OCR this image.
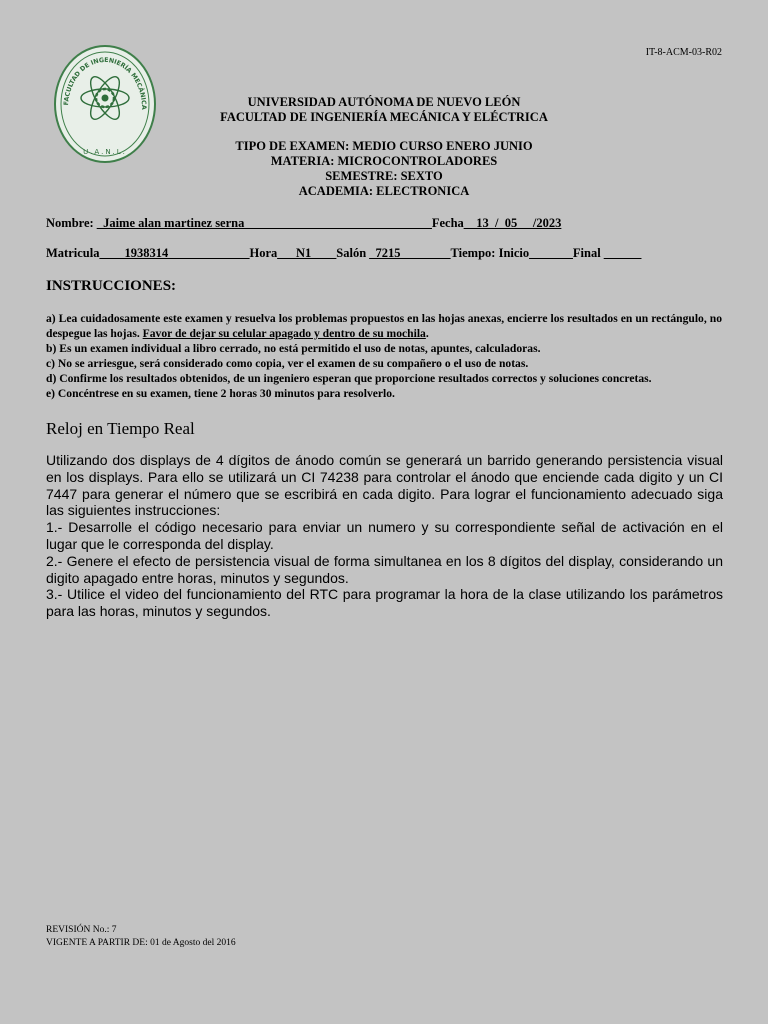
IT-8-ACM-03-R02
FACULTAD DE INGENIERÍA MECÁNICA
U.A.N.L.
UNIVERSIDAD AUTÓNOMA DE NUEVO LEÓN
FACULTAD DE INGENIERÍA MECÁNICA Y ELÉCTRICA
TIPO DE EXAMEN: MEDIO CURSO ENERO JUNIO
MATERIA: MICROCONTROLADORES
SEMESTRE: SEXTO
ACADEMIA: ELECTRONICA
Nombre: _Jaime alan martinez serna______________________________Fecha__13_/_05__ /2023
Matricula____1938314_____________Hora___N1____Salón _7215________Tiempo: Inicio_______Final ______
INSTRUCCIONES:

a) Lea cuidadosamente este examen y resuelva los problemas propuestos en las hojas anexas, encierre los resultados en un rectángulo, no despegue las hojas. Favor de dejar su celular apagado y dentro de su mochila.

b) Es un examen individual a libro cerrado, no está permitido el uso de notas, apuntes, calculadoras.

c) No se arriesgue, será considerado como copia, ver el examen de su compañero o el uso de notas.

d) Confirme los resultados obtenidos, de un ingeniero esperan que proporcione resultados correctos y soluciones concretas.

e) Concéntrese en su examen, tiene 2 horas 30 minutos para resolverlo.

Reloj en Tiempo Real

Utilizando dos displays de 4 dígitos de ánodo común se generará un barrido generando persistencia visual en los displays. Para ello se utilizará un CI 74238 para controlar el ánodo que enciende cada digito y un CI 7447 para generar el número que se escribirá en cada digito. Para lograr el funcionamiento adecuado siga las siguientes instrucciones:

1.- Desarrolle el código necesario para enviar un numero y su correspondiente señal de activación en el lugar que le corresponda del display.

2.- Genere el efecto de persistencia visual de forma simultanea en los 8 dígitos del display, considerando un digito apagado entre horas, minutos y segundos.

3.- Utilice el video del funcionamiento del RTC para programar la hora de la clase utilizando los parámetros para las horas, minutos y segundos.

REVISIÓN No.: 7
VIGENTE A PARTIR DE: 01 de Agosto del 2016
